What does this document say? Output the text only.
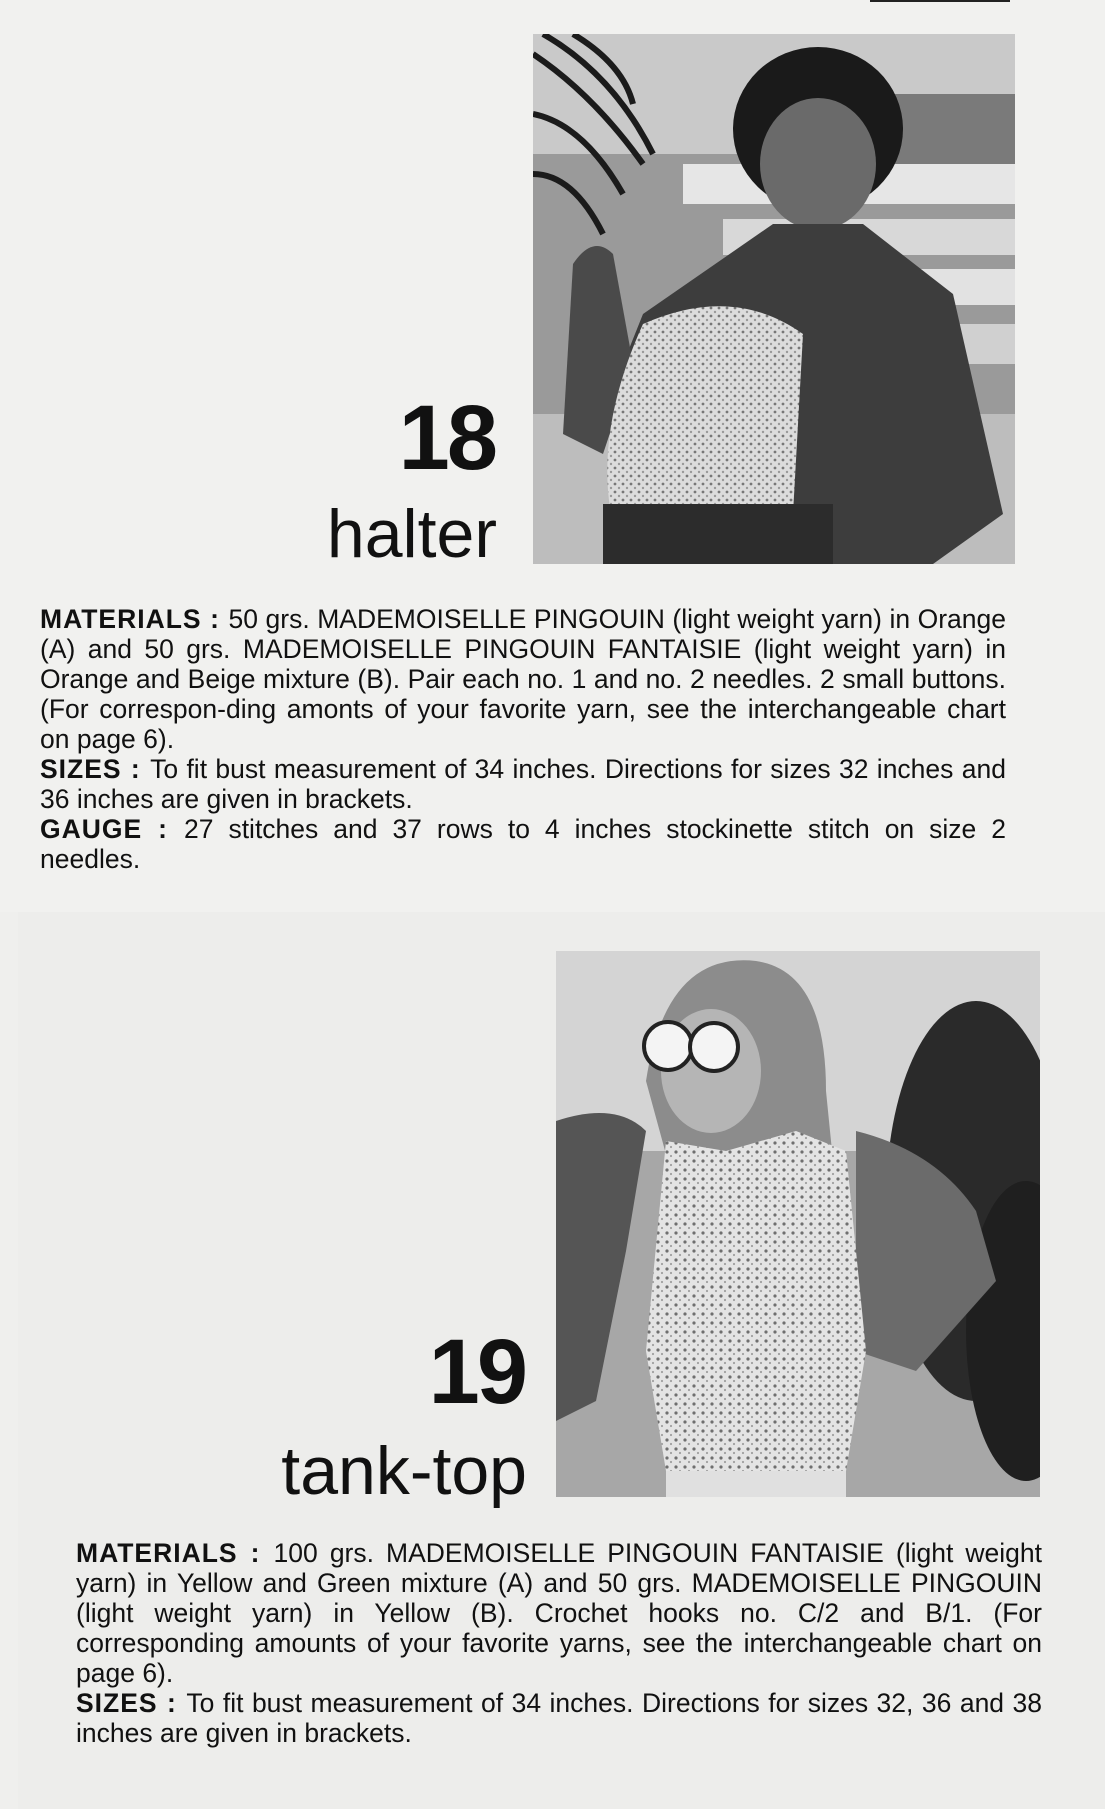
18
halter

MATERIALS : 50 grs. MADEMOISELLE PINGOUIN (light weight yarn) in Orange (A) and 50 grs. MADEMOISELLE PINGOUIN FANTAISIE (light weight yarn) in Orange and Beige mixture (B). Pair each no. 1 and no. 2 needles. 2 small buttons. (For correspon-ding amonts of your favorite yarn, see the interchangeable chart on page 6).

SIZES : To fit bust measurement of 34 inches. Directions for sizes 32 inches and 36 inches are given in brackets.

GAUGE : 27 stitches and 37 rows to 4 inches stockinette stitch on size 2 needles.

19
tank-top

MATERIALS : 100 grs. MADEMOISELLE PINGOUIN FANTAISIE (light weight yarn) in Yellow and Green mixture (A) and 50 grs. MADEMOISELLE PINGOUIN (light weight yarn) in Yellow (B). Crochet hooks no. C/2 and B/1. (For corresponding amounts of your favorite yarns, see the interchangeable chart on page 6).

SIZES : To fit bust measurement of 34 inches. Directions for sizes 32, 36 and 38 inches are given in brackets.
